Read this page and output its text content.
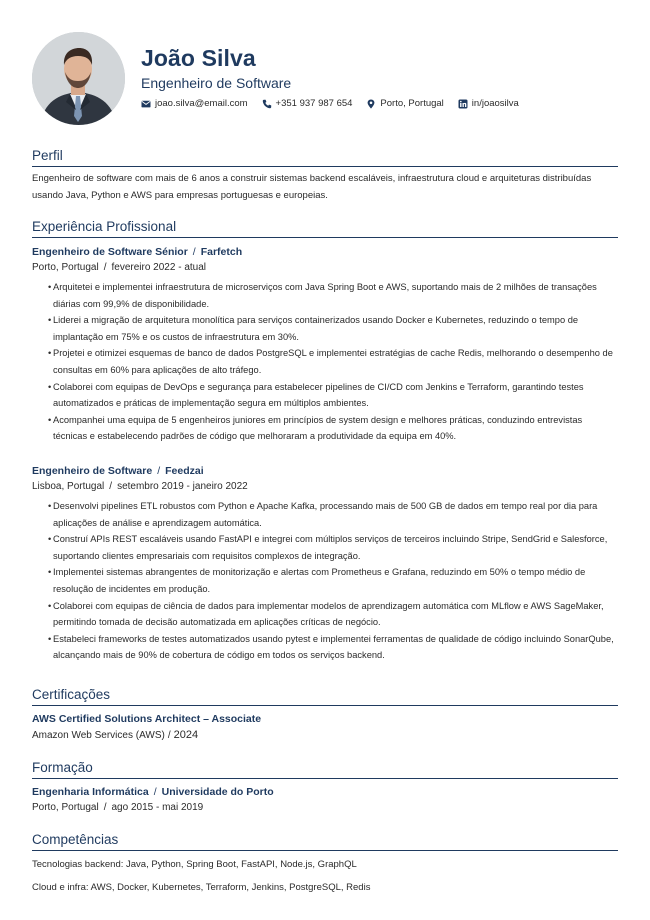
João Silva
Engenheiro de Software
joao.silva@email.com	+351 937 987 654	Porto, Portugal	in/joaosilva
Perfil
Engenheiro de software com mais de 6 anos a construir sistemas backend escaláveis, infraestrutura cloud e arquiteturas distribuídas usando Java, Python e AWS para empresas portuguesas e europeias.
Experiência Profissional
Engenheiro de Software Sénior / Farfetch
Porto, Portugal / fevereiro 2022 - atual
• Arquitetei e implementei infraestrutura de microserviços com Java Spring Boot e AWS, suportando mais de 2 milhões de transações diárias com 99,9% de disponibilidade.
• Liderei a migração de arquitetura monolítica para serviços containerizados usando Docker e Kubernetes, reduzindo o tempo de implantação em 75% e os custos de infraestrutura em 30%.
• Projetei e otimizei esquemas de banco de dados PostgreSQL e implementei estratégias de cache Redis, melhorando o desempenho de consultas em 60% para aplicações de alto tráfego.
• Colaborei com equipas de DevOps e segurança para estabelecer pipelines de CI/CD com Jenkins e Terraform, garantindo testes automatizados e práticas de implementação segura em múltiplos ambientes.
• Acompanhei uma equipa de 5 engenheiros juniores em princípios de system design e melhores práticas, conduzindo entrevistas técnicas e estabelecendo padrões de código que melhoraram a produtividade da equipa em 40%.
Engenheiro de Software / Feedzai
Lisboa, Portugal / setembro 2019 - janeiro 2022
• Desenvolvi pipelines ETL robustos com Python e Apache Kafka, processando mais de 500 GB de dados em tempo real por dia para aplicações de análise e aprendizagem automática.
• Construí APIs REST escaláveis usando FastAPI e integrei com múltiplos serviços de terceiros incluindo Stripe, SendGrid e Salesforce, suportando clientes empresariais com requisitos complexos de integração.
• Implementei sistemas abrangentes de monitorização e alertas com Prometheus e Grafana, reduzindo em 50% o tempo médio de resolução de incidentes em produção.
• Colaborei com equipas de ciência de dados para implementar modelos de aprendizagem automática com MLflow e AWS SageMaker, permitindo tomada de decisão automatizada em aplicações críticas de negócio.
• Estabeleci frameworks de testes automatizados usando pytest e implementei ferramentas de qualidade de código incluindo SonarQube, alcançando mais de 90% de cobertura de código em todos os serviços backend.
Certificações
AWS Certified Solutions Architect – Associate
Amazon Web Services (AWS) / 2024
Formação
Engenharia Informática / Universidade do Porto
Porto, Portugal / ago 2015 - mai 2019
Competências
Tecnologias backend: Java, Python, Spring Boot, FastAPI, Node.js, GraphQL
Cloud e infra: AWS, Docker, Kubernetes, Terraform, Jenkins, PostgreSQL, Redis
